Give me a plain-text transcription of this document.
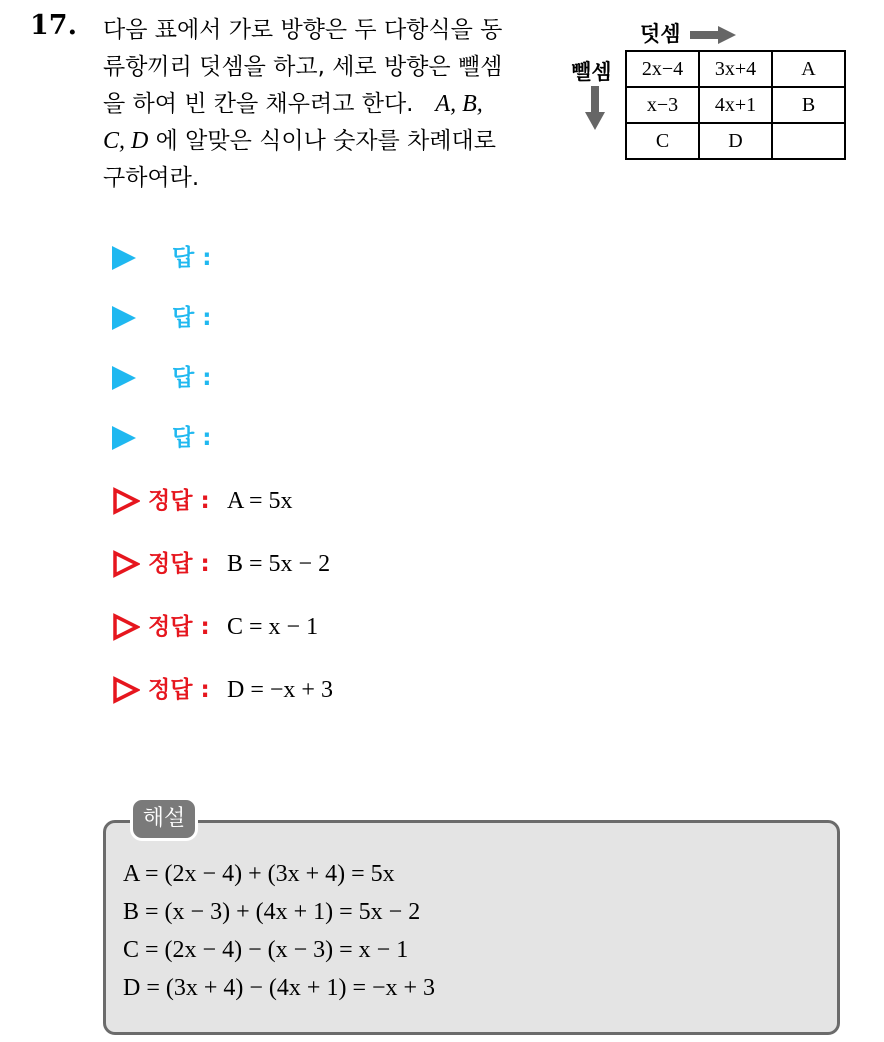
17. 다음 표에서 가로 방향은 두 다항식을 동
류항끼리 덧셈을 하고, 세로 방향은 뺄셈
을 하여 빈 칸을 채우려고 한다. A, B,
C, D 에 알맞은 식이나 숫자를 차례대로
구하여라.
덧셈
뺄셈 2x−4	3x+4	A
x−3	4x+1	B
C	D	
답 :
답 :
답 :
답 :
정답 : A = 5x
정답 : B = 5x − 2
정답 : C = x − 1
정답 : D = −x + 3
해설
A = (2x − 4) + (3x + 4) = 5x
B = (x − 3) + (4x + 1) = 5x − 2
C = (2x − 4) − (x − 3) = x − 1
D = (3x + 4) − (4x + 1) = −x + 3
